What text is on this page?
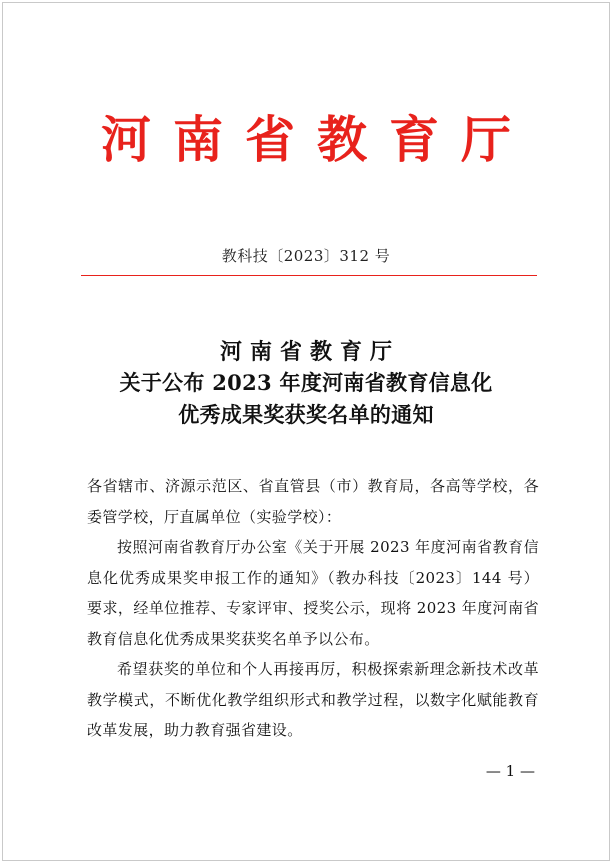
河南省教育厅
教科技〔2023〕312 号
河南省教育厅
关于公布 2023 年度河南省教育信息化
优秀成果奖获奖名单的通知

各省辖市、济源示范区、省直管县（市）教育局，各高等学校，各委管学校，厅直属单位（实验学校）：

按照河南省教育厅办公室《关于开展 2023 年度河南省教育信息化优秀成果奖申报工作的通知》（教办科技〔2023〕144 号）要求，经单位推荐、专家评审、授奖公示，现将 2023 年度河南省教育信息化优秀成果奖获奖名单予以公布。

希望获奖的单位和个人再接再厉，积极探索新理念新技术改革教学模式，不断优化教学组织形式和教学过程，以数字化赋能教育改革发展，助力教育强省建设。

— 1 —
